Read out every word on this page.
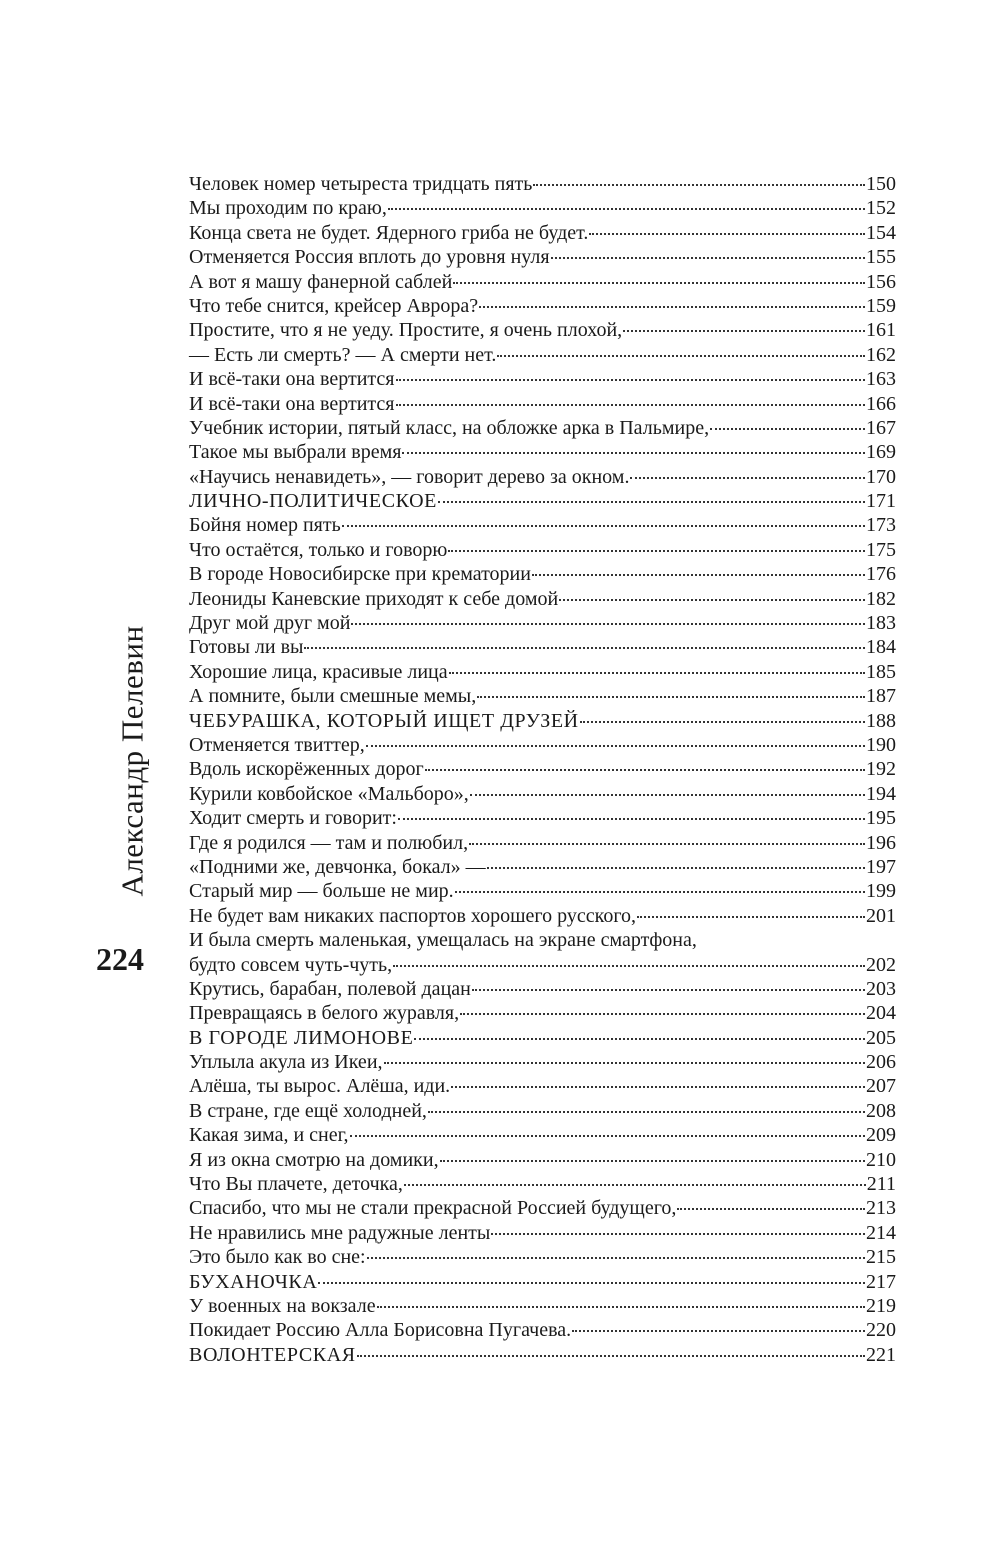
Александр Пелевин
224
Человек номер четыреста тридцать пять	150
Мы проходим по краю,	152
Конца света не будет. Ядерного гриба не будет.	154
Отменяется Россия вплоть до уровня нуля	155
А вот я машу фанерной саблей	156
Что тебе снится, крейсер Аврора?	159
Простите, что я не уеду. Простите, я очень плохой,	161
— Есть ли смерть? — А смерти нет.	162
И всё-таки она вертится	163
И всё-таки она вертится	166
Учебник истории, пятый класс, на обложке арка в Пальмире,	167
Такое мы выбрали время	169
«Научись ненавидеть», — говорит дерево за окном.	170
ЛИЧНО-ПОЛИТИЧЕСКОЕ	171
Бойня номер пять	173
Что остаётся, только и говорю	175
В городе Новосибирске при крематории	176
Леониды Каневские приходят к себе домой	182
Друг мой друг мой	183
Готовы ли вы	184
Хорошие лица, красивые лица	185
А помните, были смешные мемы,	187
ЧЕБУРАШКА, КОТОРЫЙ ИЩЕТ ДРУЗЕЙ	188
Отменяется твиттер,	190
Вдоль искорёженных дорог	192
Курили ковбойское «Мальборо»,	194
Ходит смерть и говорит:	195
Где я родился — там и полюбил,	196
«Подними же, девчонка, бокал» —	197
Старый мир — больше не мир.	199
Не будет вам никаких паспортов хорошего русского,	201
И была смерть маленькая, умещалась на экране смартфона,
будто совсем чуть-чуть,	202
Крутись, барабан, полевой дацан	203
Превращаясь в белого журавля,	204
В ГОРОДЕ ЛИМОНОВЕ	205
Уплыла акула из Икеи,	206
Алёша, ты вырос. Алёша, иди.	207
В стране, где ещё холодней,	208
Какая зима, и снег,	209
Я из окна смотрю на домики,	210
Что Вы плачете, деточка,	211
Спасибо, что мы не стали прекрасной Россией будущего,	213
Не нравились мне радужные ленты	214
Это было как во сне:	215
БУХАНОЧКА	217
У военных на вокзале	219
Покидает Россию Алла Борисовна Пугачева.	220
ВОЛОНТЕРСКАЯ	221
